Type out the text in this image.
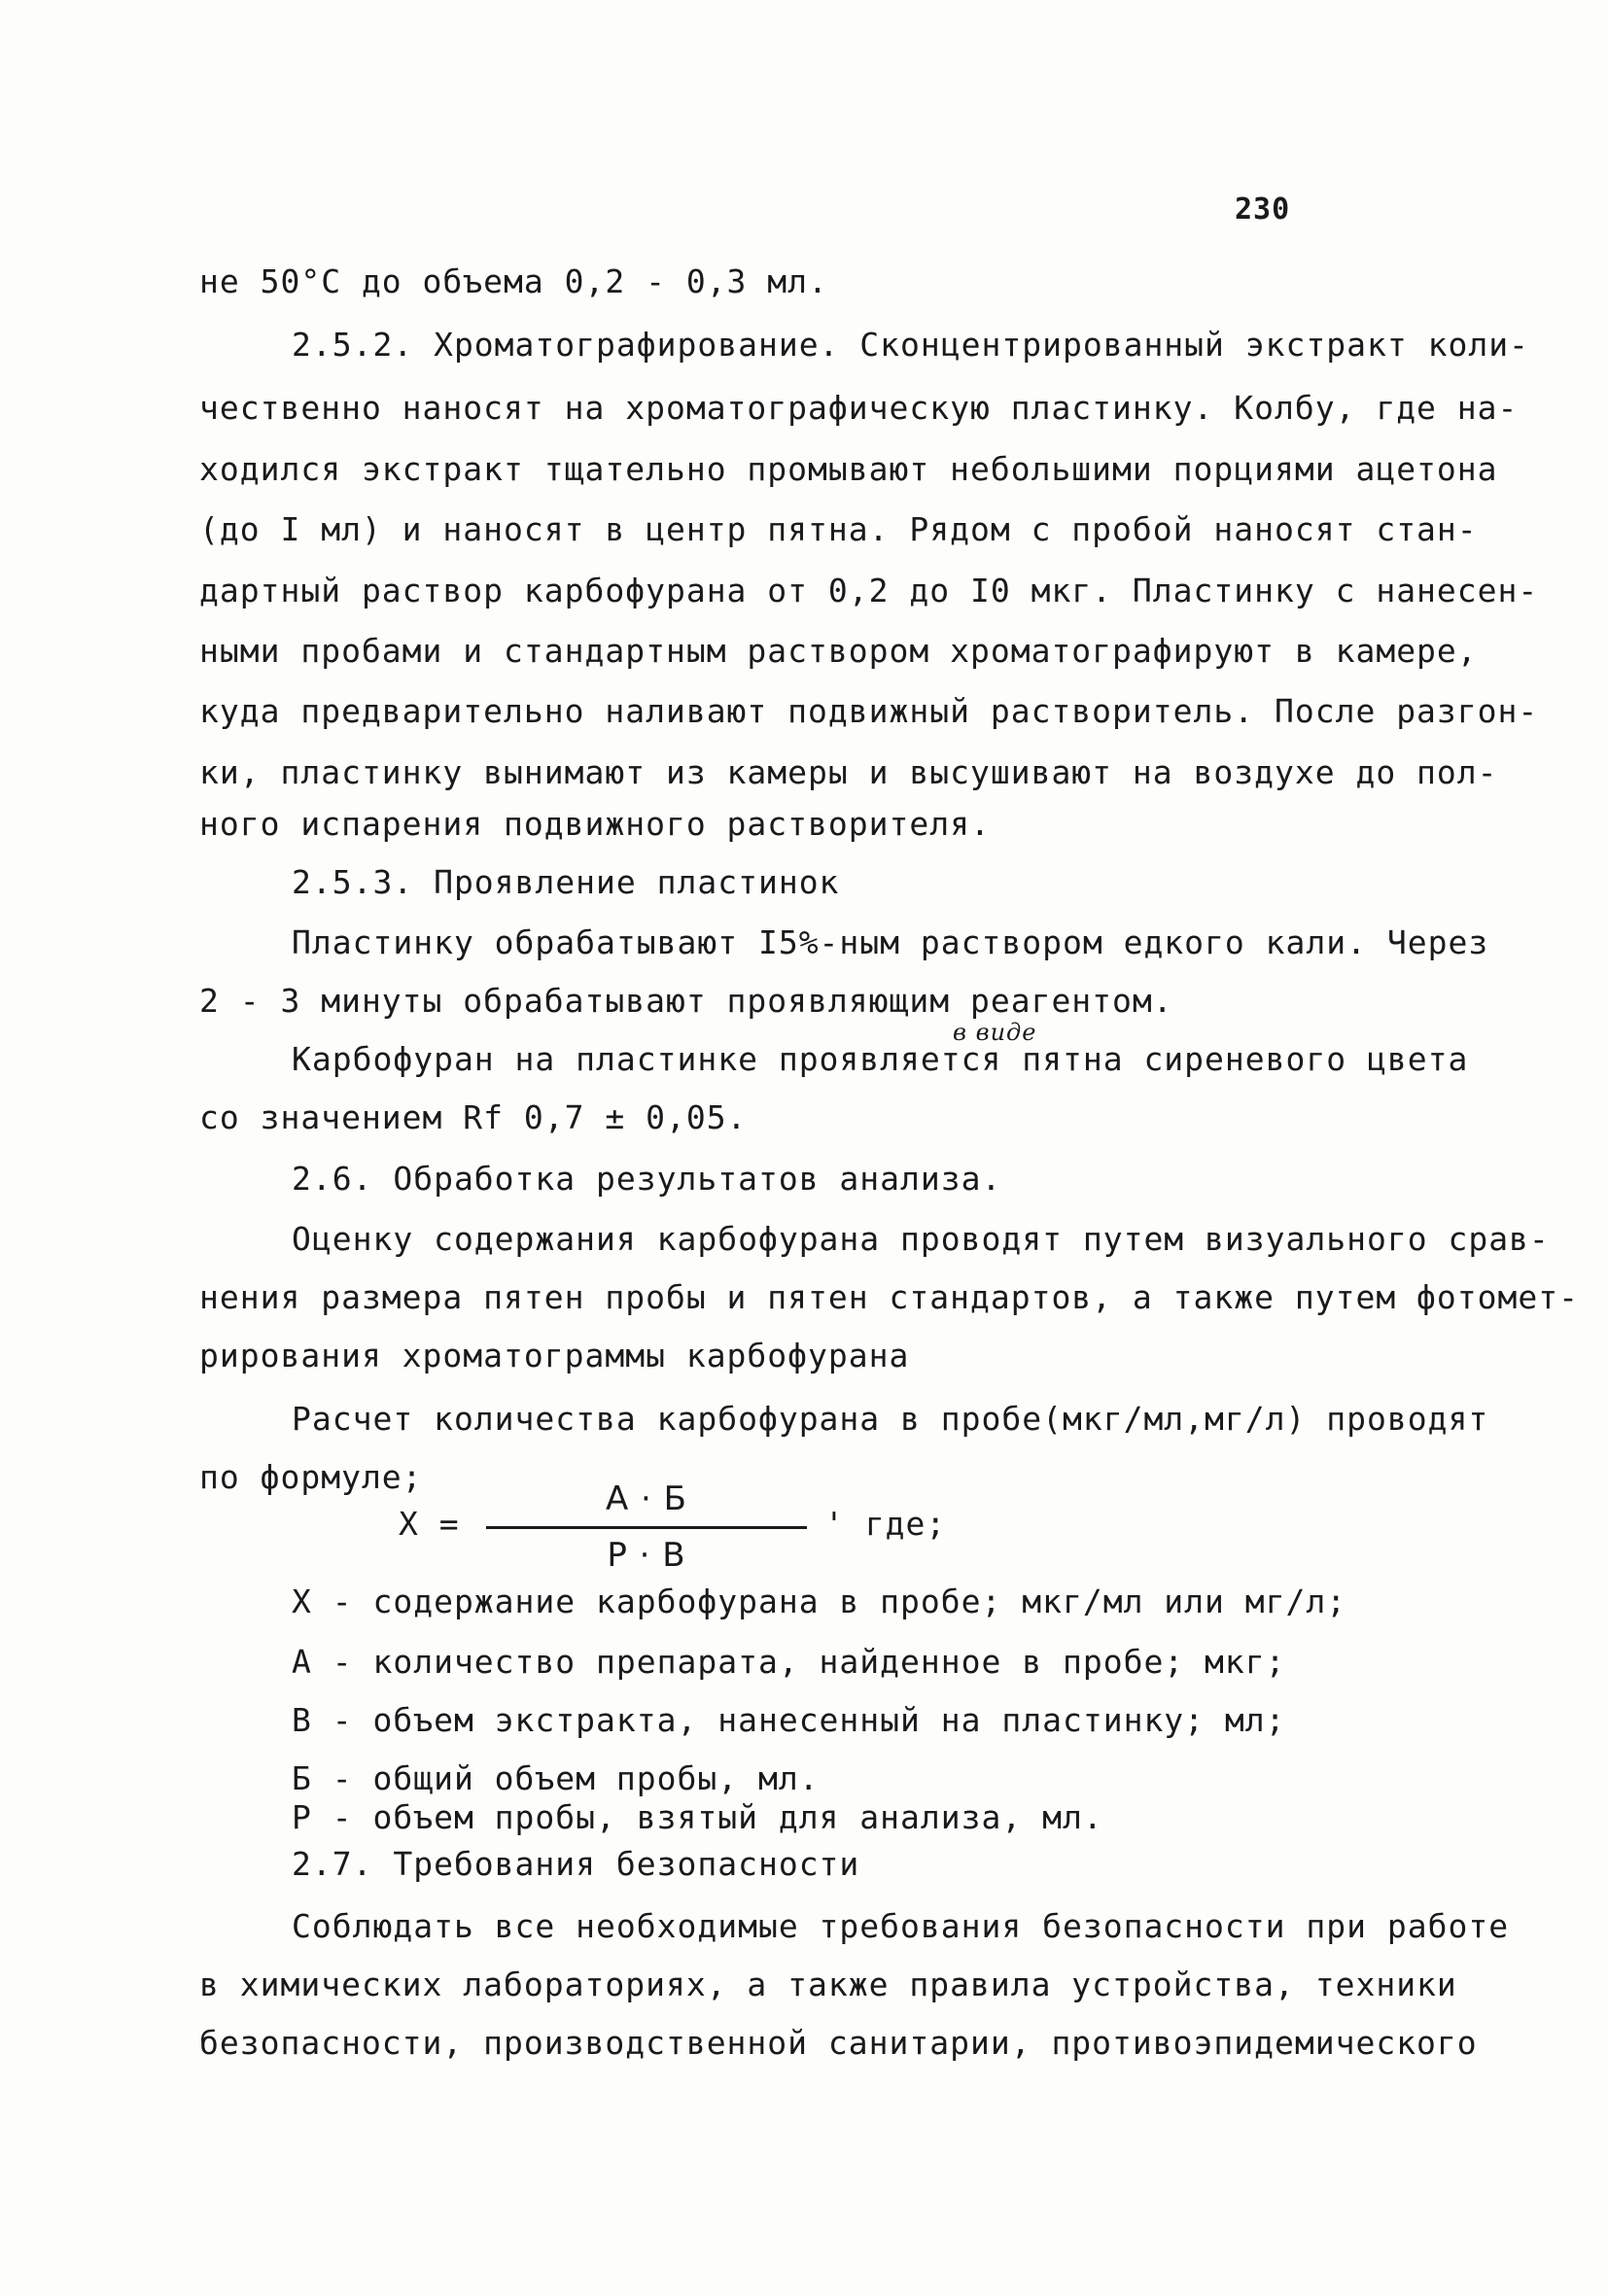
230
не 50°С до объема 0,2 - 0,3 мл.
2.5.2. Хроматографирование. Сконцентрированный экстракт коли-
чественно наносят на хроматографическую пластинку. Колбу, где на-
ходился экстракт тщательно промывают небольшими порциями ацетона
(до I мл) и наносят в центр пятна. Рядом с пробой наносят стан-
дартный раствор карбофурана от 0,2 до I0 мкг. Пластинку с нанесен-
ными пробами и стандартным раствором хроматографируют в камере,
куда предварительно наливают подвижный растворитель. После разгон-
ки, пластинку вынимают из камеры и высушивают на воздухе до пол-
ного испарения подвижного растворителя.
2.5.3. Проявление пластинок
Пластинку обрабатывают I5%-ным раствором едкого кали. Через
2 - 3 минуты обрабатывают проявляющим реагентом.
в виде
Карбофуран на пластинке проявляется пятна сиреневого цвета
со значением Rf 0,7 ± 0,05.
2.6. Обработка результатов анализа.
Оценку содержания карбофурана проводят путем визуального срав-
нения размера пятен пробы и пятен стандартов, а также путем фотомет-
рирования хроматограммы карбофурана
Расчет количества карбофурана в пробе(мкг/мл,мг/л) проводят
по формуле;
Х =
А · Б
Р · В
' где;
Х - содержание карбофурана в пробе; мкг/мл или мг/л;
А - количество препарата, найденное в пробе; мкг;
В - объем экстракта, нанесенный на пластинку; мл;
Б - общий объем пробы, мл.
Р - объем пробы, взятый для анализа, мл.
2.7. Требования безопасности
Соблюдать все необходимые требования безопасности при работе
в химических лабораториях, а также правила устройства, техники
безопасности, производственной санитарии, противоэпидемического
